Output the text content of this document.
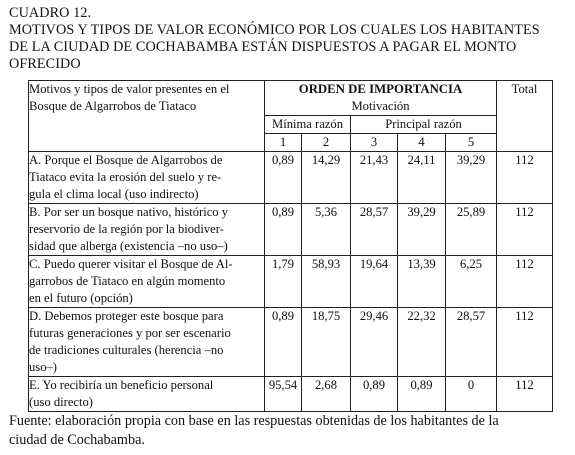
CUADRO 12.
MOTIVOS Y TIPOS DE VALOR ECONÓMICO POR LOS CUALES LOS HABITANTES
DE LA CIUDAD DE COCHABAMBA ESTÁN DISPUESTOS A PAGAR EL MONTO
OFRECIDO
Motivos y tipos de valor presentes en el
Bosque de Algarrobos de Tiataco	ORDEN DE IMPORTANCIA					Total
	Motivación					
	Mínima razón		Principal razón			
	1	2	3	4	5	

A. Porque el Bosque de Algarrobos de
Tiataco evita la erosión del suelo y re-
gula el clima local (uso indirecto)	0,89	14,29	21,43	24,11	39,29	112

B. Por ser un bosque nativo, histórico y
reservorio de la región por la biodiver-
sidad que alberga (existencia –no uso–)	0,89	5,36	28,57	39,29	25,89	112

C. Puedo querer visitar el Bosque de Al-
garrobos de Tiataco en algún momento
en el futuro (opción)	1,79	58,93	19,64	13,39	6,25	112

D. Debemos proteger este bosque para
futuras generaciones y por ser escenario
de tradiciones culturales (herencia –no
uso–)	0,89	18,75	29,46	22,32	28,57	112

E. Yo recibiría un beneficio personal
(uso directo)	95,54	2,68	0,89	0,89	0	112
Fuente: elaboración propia con base en las respuestas obtenidas de los habitantes de la
ciudad de Cochabamba.
